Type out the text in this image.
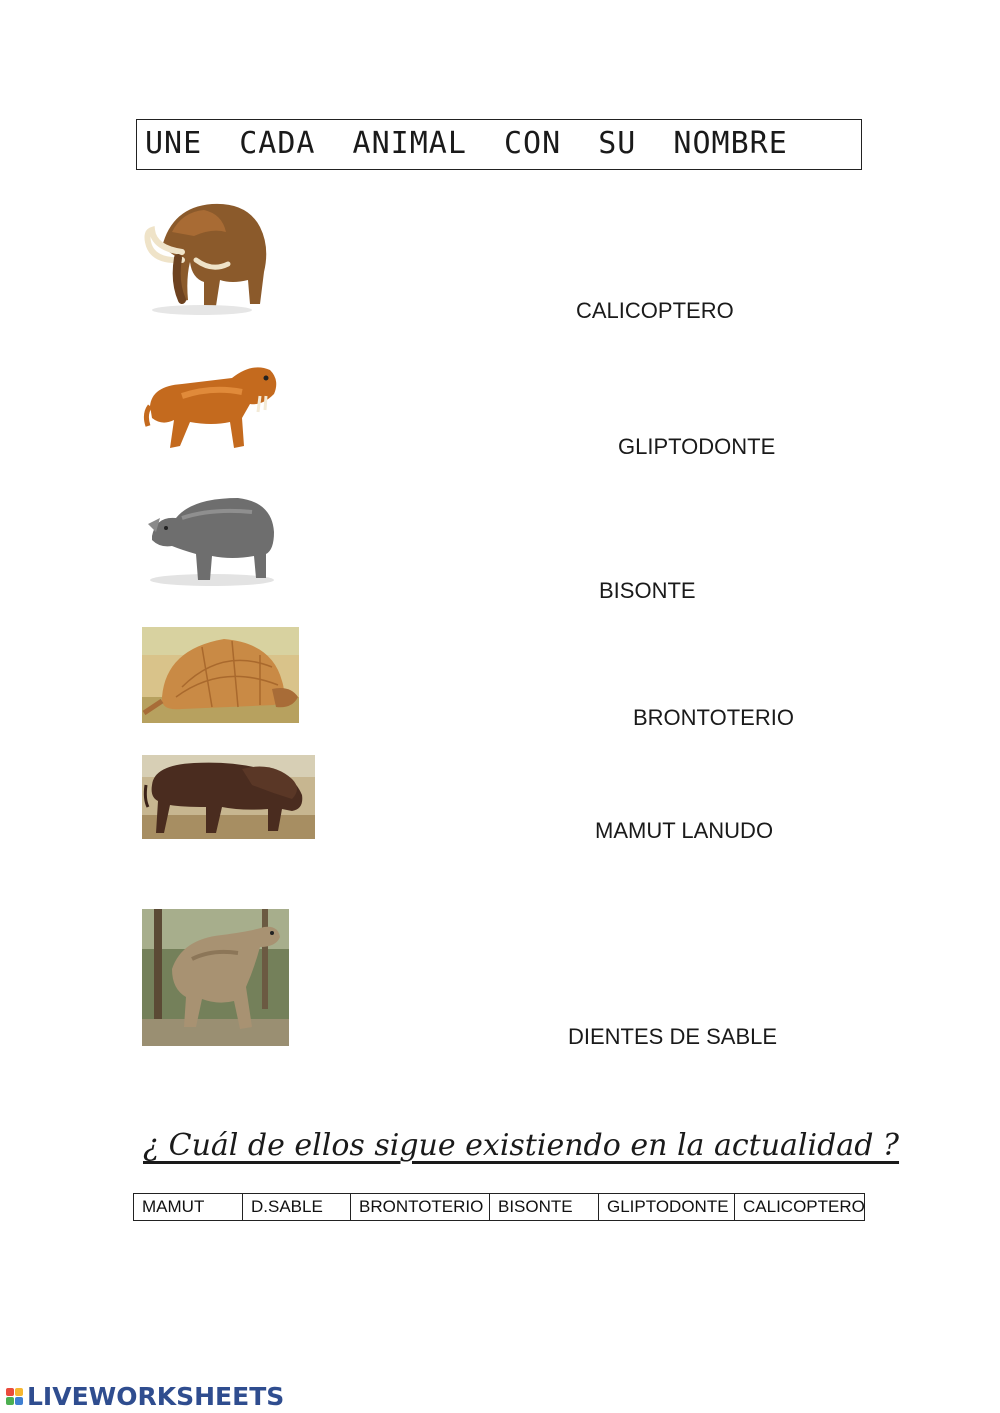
UNE CADA ANIMAL CON SU NOMBRE
CALICOPTERO
GLIPTODONTE
BISONTE
BRONTOTERIO
MAMUT LANUDO
DIENTES DE SABLE
¿ Cuál de ellos sigue existiendo en la actualidad ?
MAMUT	D.SABLE	BRONTOTERIO	BISONTE	GLIPTODONTE	CALICOPTERO
LIVEWORKSHEETS
